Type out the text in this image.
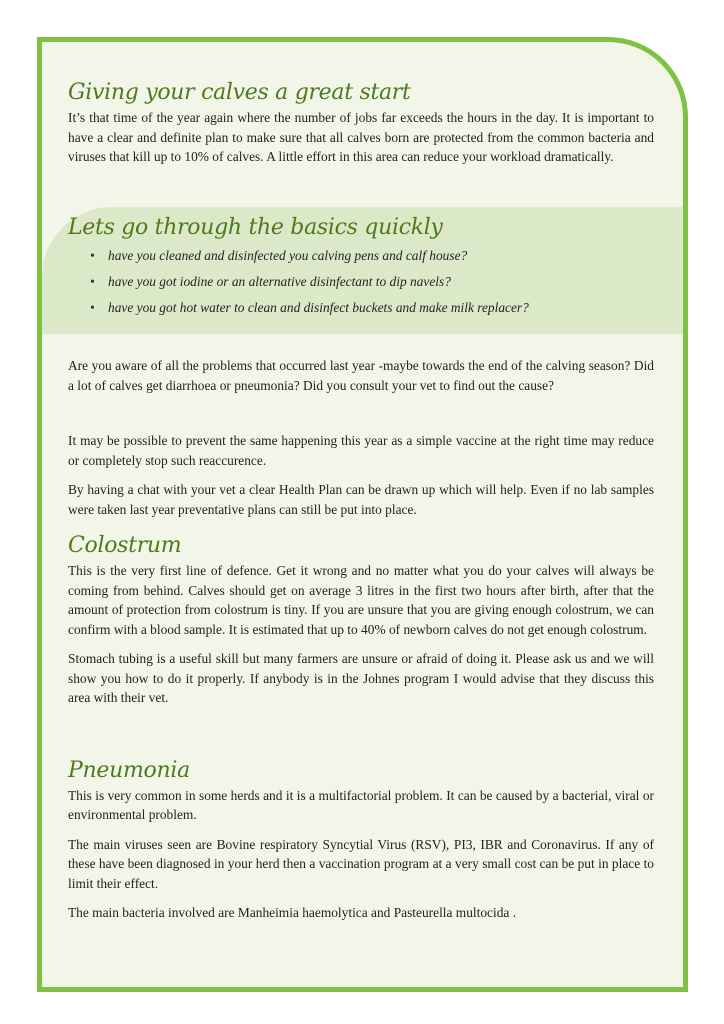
Giving your calves a great start

It’s that time of the year again where the number of jobs far exceeds the hours in the day. It is important to have a clear and definite plan to make sure that all calves born are protected from the common bacteria and viruses that kill up to 10% of calves. A little effort in this area can reduce your workload dramatically.

Lets go through the basics quickly
• have you cleaned and disinfected you calving pens and calf house?
• have you got iodine or an alternative disinfectant to dip navels?
• have you got hot water to clean and disinfect buckets and make milk replacer?

Are you aware of all the problems that occurred last year -maybe towards the end of the calving season? Did a lot of calves get diarrhoea or pneumonia? Did you consult your vet to find out the cause?

It may be possible to prevent the same happening this year as a simple vaccine at the right time may reduce or completely stop such reaccurence.

By having a chat with your vet a clear Health Plan can be drawn up which will help. Even if no lab samples were taken last year preventative plans can still be put into place.

Colostrum

This is the very first line of defence. Get it wrong and no matter what you do your calves will always be coming from behind. Calves should get on average 3 litres in the first two hours after birth, after that the amount of protection from colostrum is tiny. If you are unsure that you are giving enough colostrum, we can confirm with a blood sample. It is estimated that up to 40% of newborn calves do not get enough colostrum.

Stomach tubing is a useful skill but many farmers are unsure or afraid of doing it. Please ask us and we will show you how to do it properly. If anybody is in the Johnes program I would advise that they discuss this area with their vet.

Pneumonia

This is very common in some herds and it is a multifactorial problem. It can be caused by a bacterial, viral or environmental problem.

The main viruses seen are Bovine respiratory Syncytial Virus (RSV), PI3, IBR and Coronavirus. If any of these have been diagnosed in your herd then a vaccination program at a very small cost can be put in place to limit their effect.

The main bacteria involved are Manheimia haemolytica and Pasteurella multocida .
